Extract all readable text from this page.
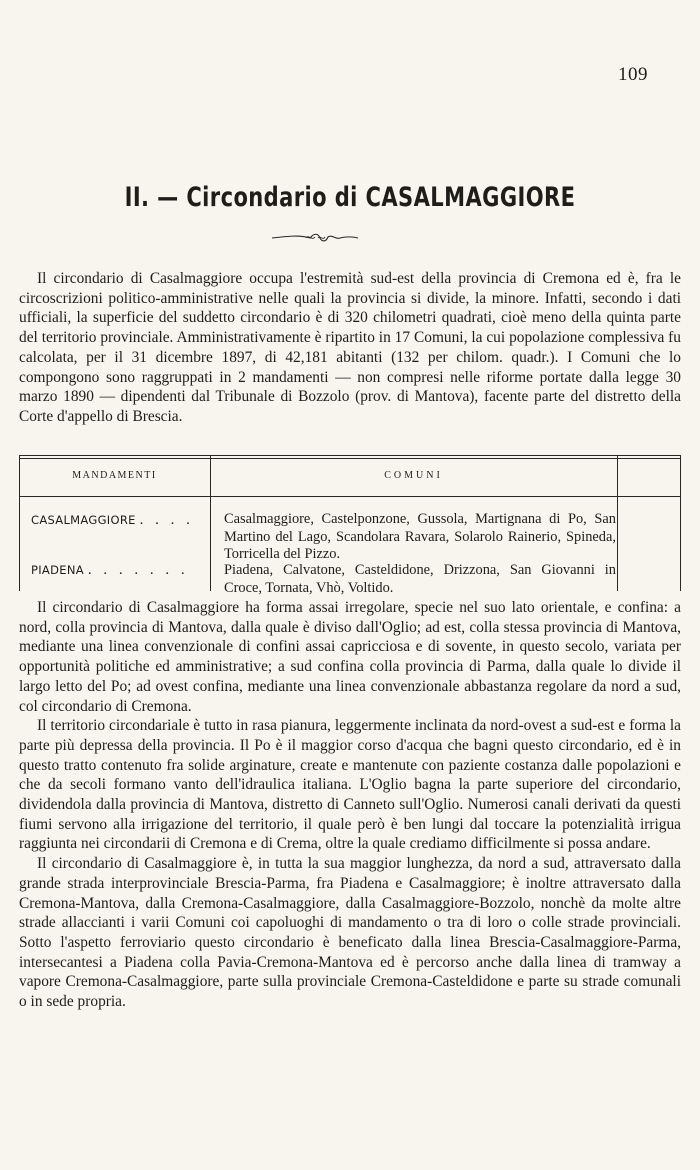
109
II. — Circondario di CASALMAGGIORE

Il circondario di Casalmaggiore occupa l'estremità sud-est della provincia di Cremona ed è, fra le circoscrizioni politico-amministrative nelle quali la provincia si divide, la minore. Infatti, secondo i dati ufficiali, la superficie del suddetto circondario è di 320 chilometri quadrati, cioè meno della quinta parte del territorio provinciale. Amministrativamente è ripartito in 17 Comuni, la cui popolazione complessiva fu calcolata, per il 31 dicembre 1897, di 42,181 abitanti (132 per chilom. quadr.). I Comuni che lo compongono sono raggruppati in 2 mandamenti — non compresi nelle riforme portate dalla legge 30 marzo 1890 — dipendenti dal Tribunale di Bozzolo (prov. di Mantova), facente parte del distretto della Corte d'appello di Brescia.

MANDAMENTI	COMUNI
CASALMAGGIORE . . . . Casalmaggiore, Castelponzone, Gussola, Martignana di Po, San Martino del Lago, Scandolara Ravara, Solarolo Rainerio, Spineda, Torricella del Pizzo.
PIADENA . . . . . . . Piadena, Calvatone, Casteldidone, Drizzona, San Giovanni in Croce, Tornata, Vhò, Voltido.

Il circondario di Casalmaggiore ha forma assai irregolare, specie nel suo lato orientale, e confina: a nord, colla provincia di Mantova, dalla quale è diviso dall'Oglio; ad est, colla stessa provincia di Mantova, mediante una linea convenzionale di confini assai capricciosa e di sovente, in questo secolo, variata per opportunità politiche ed amministrative; a sud confina colla provincia di Parma, dalla quale lo divide il largo letto del Po; ad ovest confina, mediante una linea convenzionale abbastanza regolare da nord a sud, col circondario di Cremona.

Il territorio circondariale è tutto in rasa pianura, leggermente inclinata da nord-ovest a sud-est e forma la parte più depressa della provincia. Il Po è il maggior corso d'acqua che bagni questo circondario, ed è in questo tratto contenuto fra solide arginature, create e mantenute con paziente costanza dalle popolazioni e che da secoli formano vanto dell'idraulica italiana. L'Oglio bagna la parte superiore del circondario, dividendola dalla provincia di Mantova, distretto di Canneto sull'Oglio. Numerosi canali derivati da questi fiumi servono alla irrigazione del territorio, il quale però è ben lungi dal toccare la potenzialità irrigua raggiunta nei circondarii di Cremona e di Crema, oltre la quale crediamo difficilmente si possa andare.

Il circondario di Casalmaggiore è, in tutta la sua maggior lunghezza, da nord a sud, attraversato dalla grande strada interprovinciale Brescia-Parma, fra Piadena e Casalmaggiore; è inoltre attraversato dalla Cremona-Mantova, dalla Cremona-Casalmaggiore, dalla Casalmaggiore-Bozzolo, nonchè da molte altre strade allaccianti i varii Comuni coi capoluoghi di mandamento o tra di loro o colle strade provinciali. Sotto l'aspetto ferroviario questo circondario è beneficato dalla linea Brescia-Casalmaggiore-Parma, intersecantesi a Piadena colla Pavia-Cremona-Mantova ed è percorso anche dalla linea di tramway a vapore Cremona-Casalmaggiore, parte sulla provinciale Cremona-Casteldidone e parte su strade comunali o in sede propria.
